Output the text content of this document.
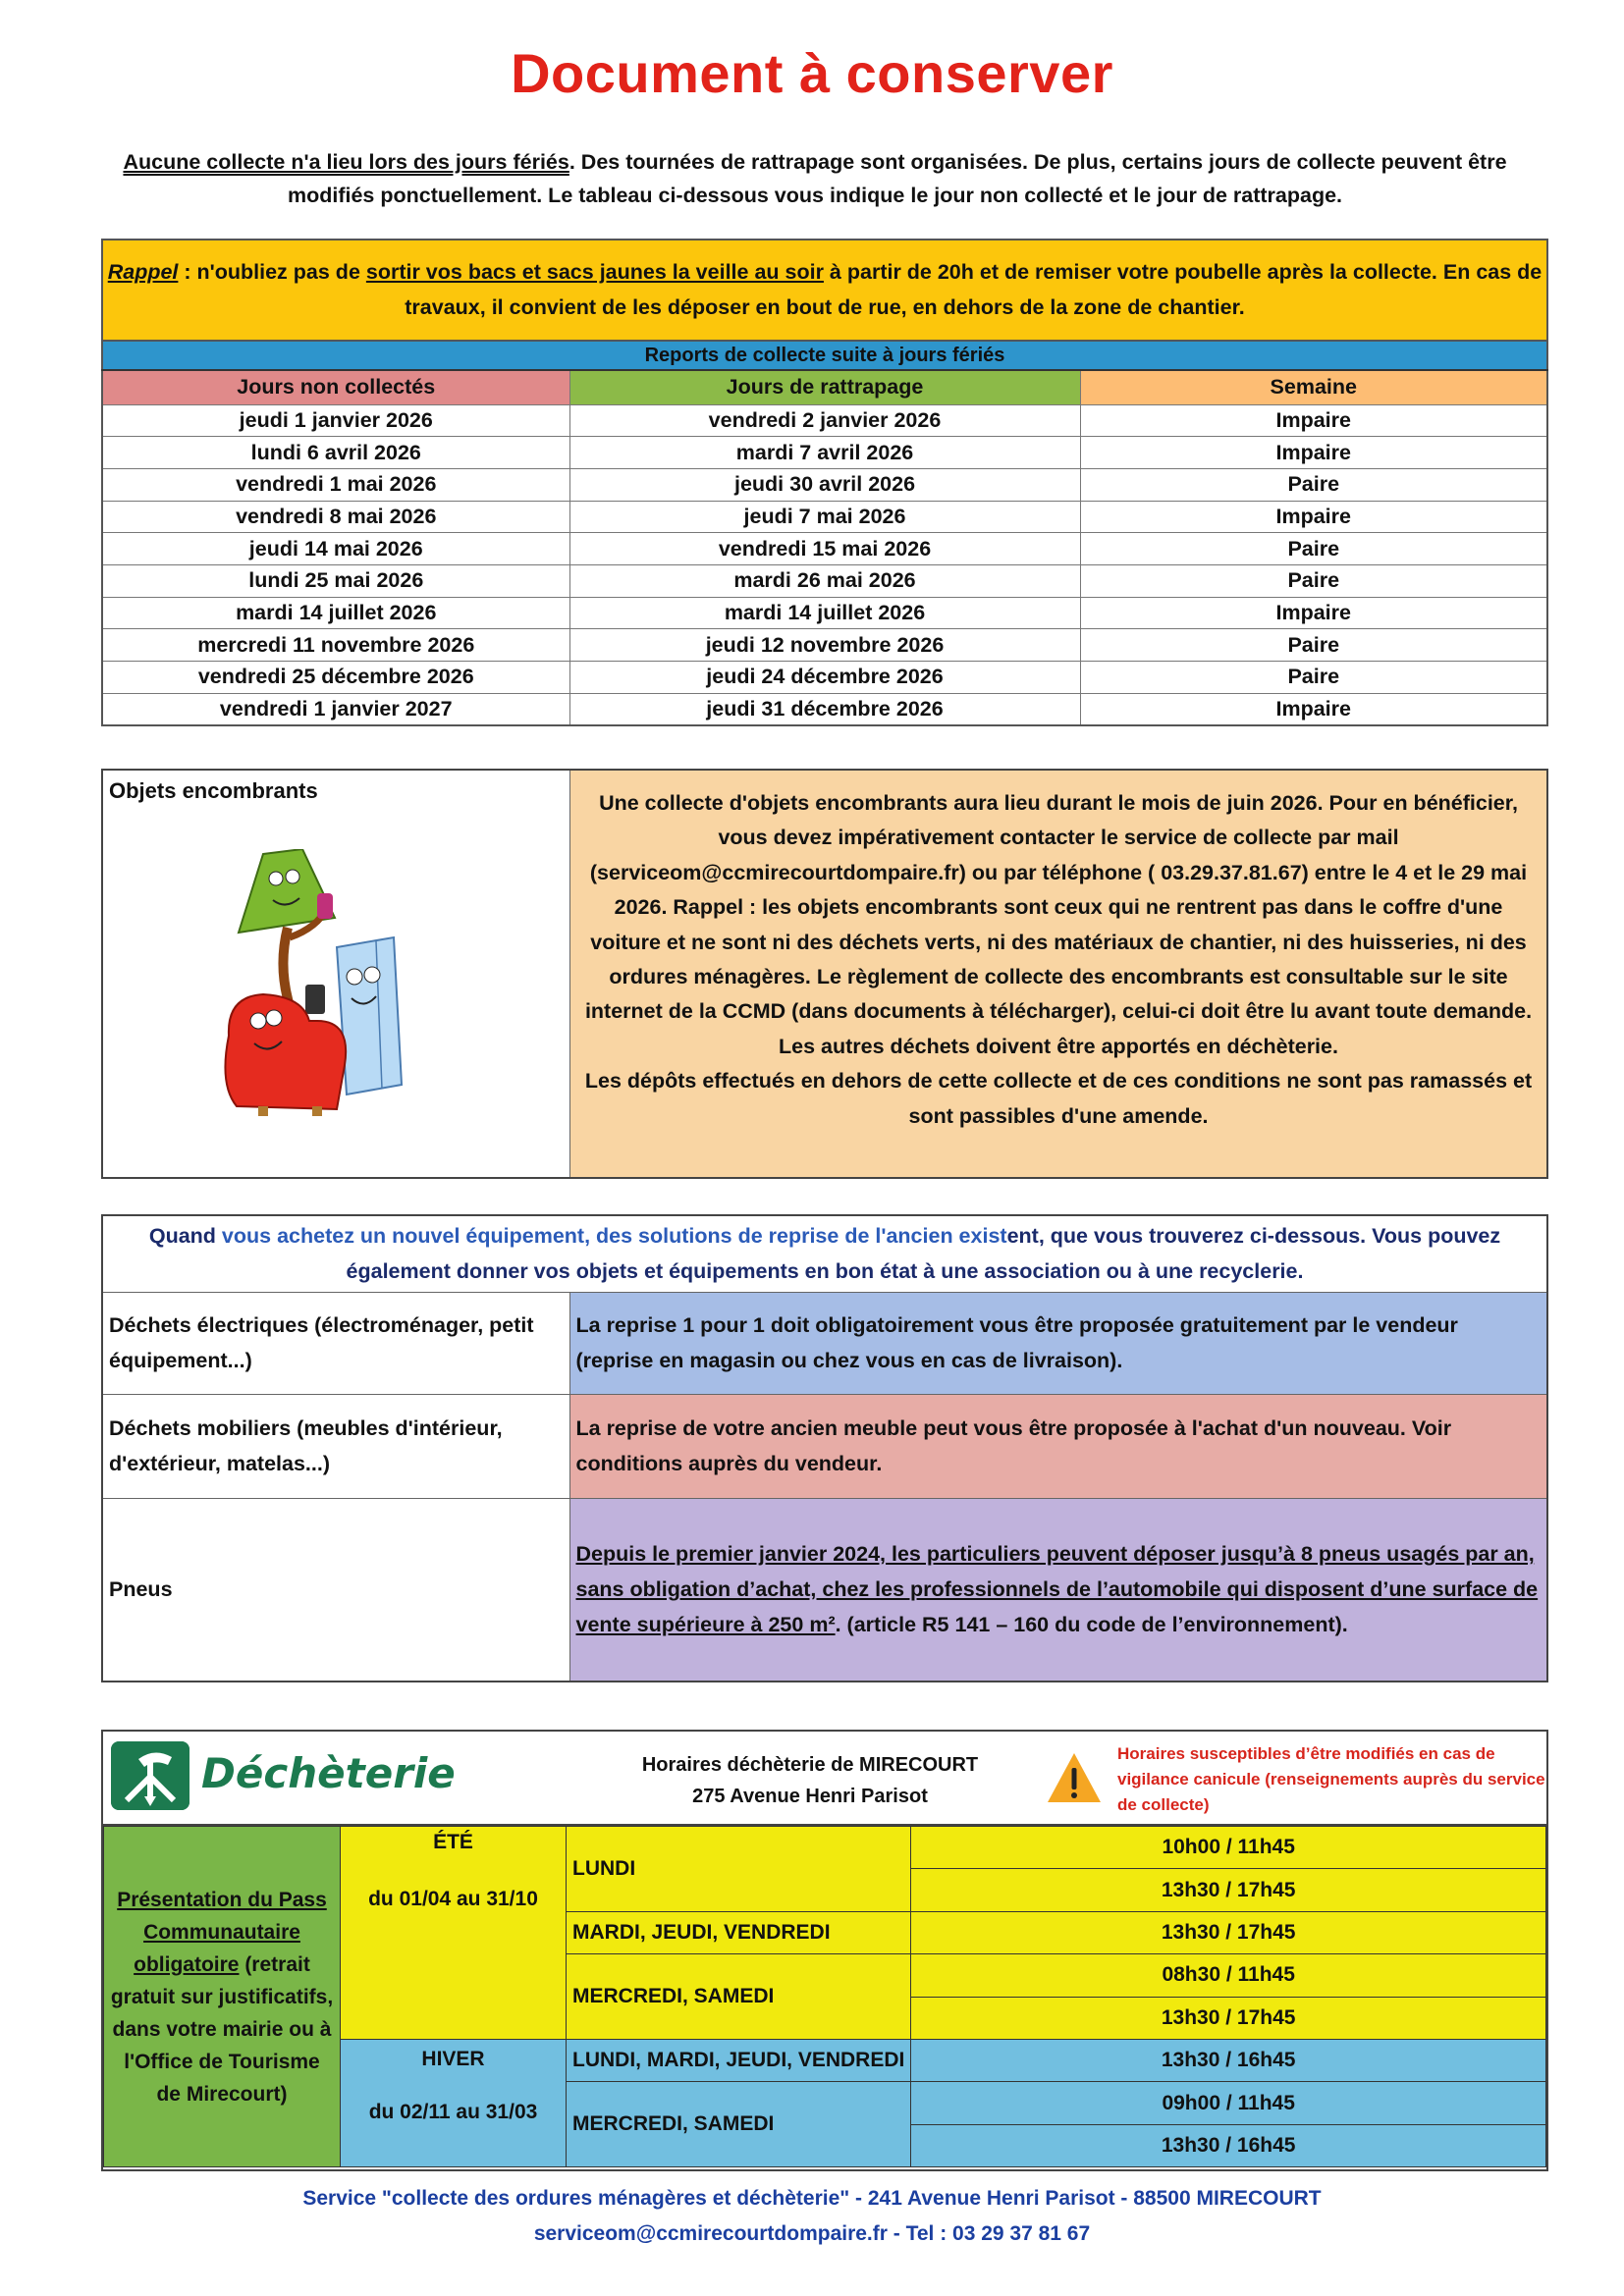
Document à conserver
Aucune collecte n'a lieu lors des jours fériés. Des tournées de rattrapage sont organisées. De plus, certains jours de collecte peuvent être modifiés ponctuellement. Le tableau ci-dessous vous indique le jour non collecté et le jour de rattrapage.
Rappel : n'oubliez pas de sortir vos bacs et sacs jaunes la veille au soir à partir de 20h et de remiser votre poubelle après la collecte. En cas de travaux, il convient de les déposer en bout de rue, en dehors de la zone de chantier.
Reports de collecte suite à jours fériés		
Jours non collectés	Jours de rattrapage	Semaine
jeudi 1 janvier 2026	vendredi 2 janvier 2026	Impaire
lundi 6 avril 2026	mardi 7 avril 2026	Impaire
vendredi 1 mai 2026	jeudi 30 avril 2026	Paire
vendredi 8 mai 2026	jeudi 7 mai 2026	Impaire
jeudi 14 mai 2026	vendredi 15 mai 2026	Paire
lundi 25 mai 2026	mardi 26 mai 2026	Paire
mardi 14 juillet 2026	mardi 14 juillet 2026	Impaire
mercredi 11 novembre 2026	jeudi 12 novembre 2026	Paire
vendredi 25 décembre 2026	jeudi 24 décembre 2026	Paire
vendredi 1 janvier 2027	jeudi 31 décembre 2026	Impaire
Objets encombrants	Une collecte d'objets encombrants aura lieu durant le mois de juin 2026. Pour en bénéficier, vous devez impérativement contacter le service de collecte par mail (serviceom@ccmirecourtdompaire.fr) ou par téléphone ( 03.29.37.81.67) entre le 4 et le 29 mai 2026. Rappel : les objets encombrants sont ceux qui ne rentrent pas dans le coffre d'une voiture et ne sont ni des déchets verts, ni des matériaux de chantier, ni des huisseries, ni des ordures ménagères. Le règlement de collecte des encombrants est consultable sur le site internet de la CCMD (dans documents à télécharger), celui-ci doit être lu avant toute demande. Les autres déchets doivent être apportés en déchèterie.
Les dépôts effectués en dehors de cette collecte et de ces conditions ne sont pas ramassés et sont passibles d'une amende.
Quand vous achetez un nouvel équipement, des solutions de reprise de l'ancien existent, que vous trouverez ci-dessous. Vous pouvez également donner vos objets et équipements en bon état à une association ou à une recyclerie.	
Déchets électriques (électroménager, petit équipement...)	La reprise 1 pour 1 doit obligatoirement vous être proposée gratuitement par le vendeur (reprise en magasin ou chez vous en cas de livraison).
Déchets mobiliers (meubles d'intérieur, d'extérieur, matelas...)	La reprise de votre ancien meuble peut vous être proposée à l'achat d'un nouveau. Voir conditions auprès du vendeur.
Pneus	Depuis le premier janvier 2024, les particuliers peuvent déposer jusqu’à 8 pneus usagés par an, sans obligation d’achat, chez les professionnels de l’automobile qui disposent d’une surface de vente supérieure à 250 m². (article R5 141 – 160 du code de l’environnement).
Déchèterie	Horaires déchèterie de MIRECOURT
275 Avenue Henri Parisot
Horaires susceptibles d’être modifiés en cas de vigilance canicule (renseignements auprès du service de collecte)
Présentation du Pass Communautaire obligatoire (retrait gratuit sur justificatifs, dans votre mairie ou à l'Office de Tourisme de Mirecourt)	ÉTÉ
du 01/04 au 31/10	LUNDI	10h00 / 11h45
			13h30 / 17h45
		MARDI, JEUDI, VENDREDI	13h30 / 17h45
		MERCREDI, SAMEDI	08h30 / 11h45
			13h30 / 17h45

	HIVER
du 02/11 au 31/03	LUNDI, MARDI, JEUDI, VENDREDI	13h30 / 16h45
		MERCREDI, SAMEDI	09h00 / 11h45
			13h30 / 16h45
Service "collecte des ordures ménagères et déchèterie" - 241 Avenue Henri Parisot - 88500 MIRECOURT
serviceom@ccmirecourtdompaire.fr - Tel : 03 29 37 81 67
